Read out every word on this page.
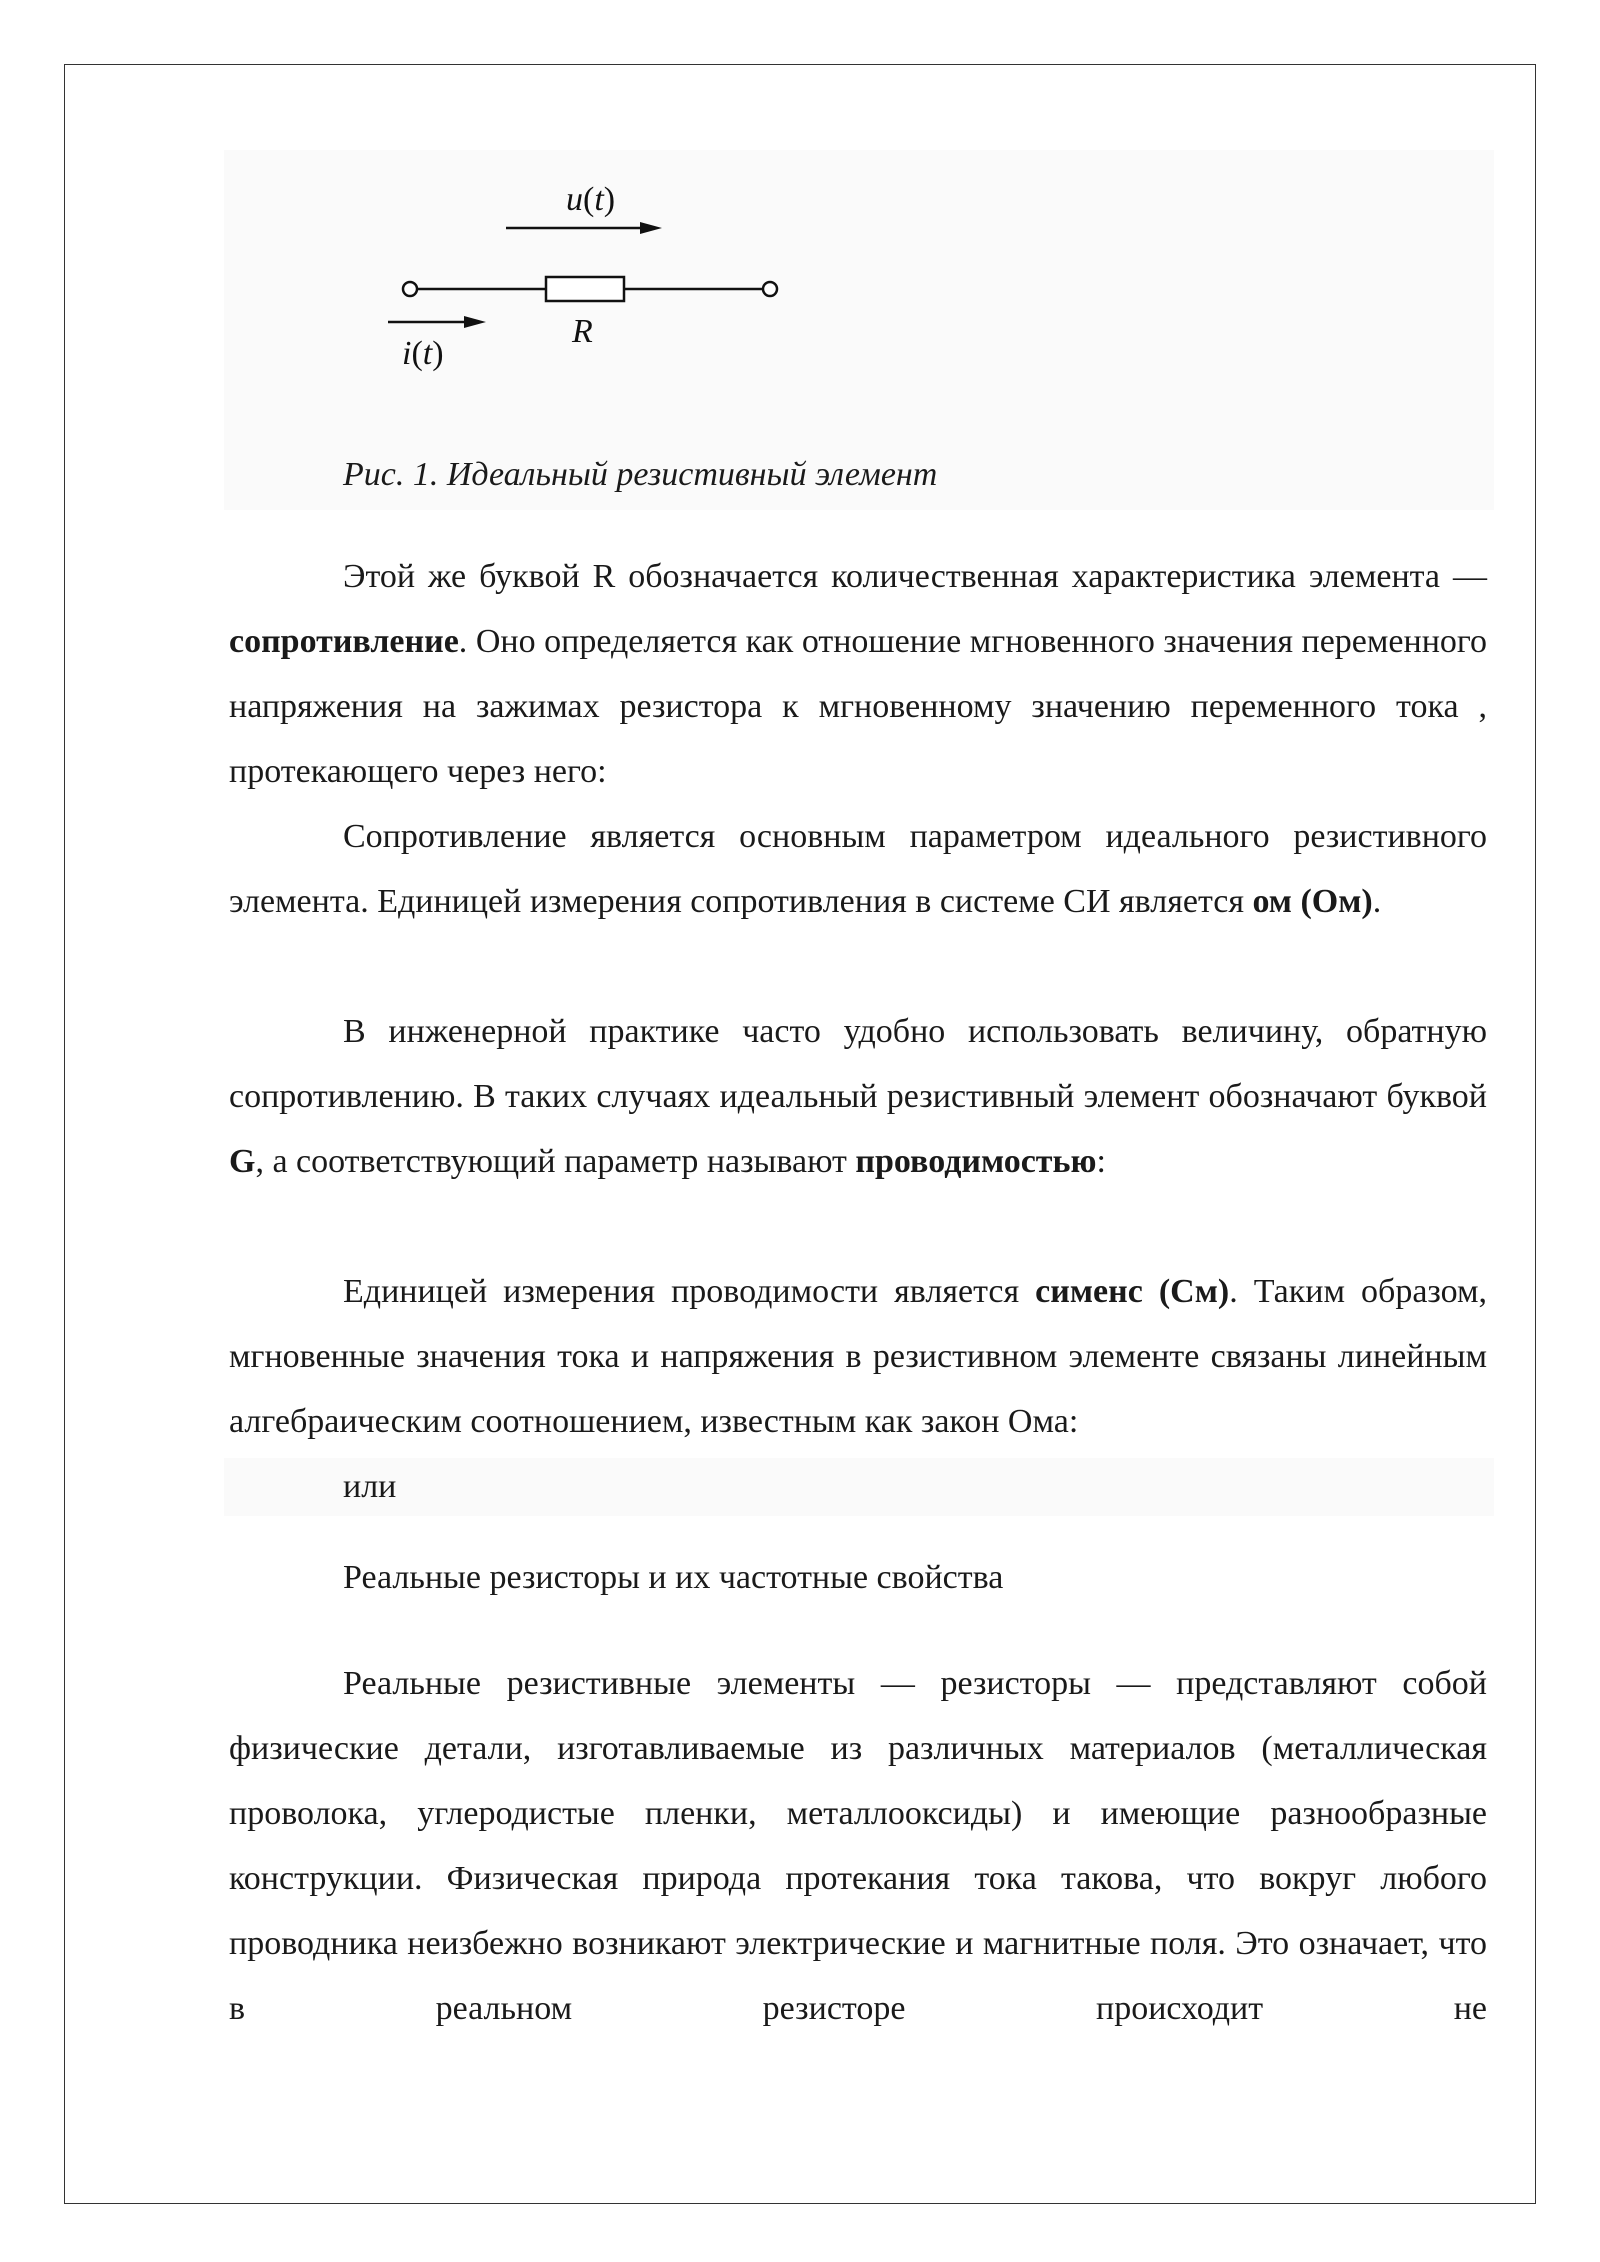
u(t)
i(t)
R
Рис. 1. Идеальный резистивный элемент

Этой же буквой R обозначается количественная характеристика элемента — сопротивление. Оно определяется как отношение мгновенного значения переменного напряжения на зажимах резистора к мгновенному значению переменного тока , протекающего через него:

Сопротивление является основным параметром идеального резистивного элемента. Единицей измерения сопротивления в системе СИ является ом (Ом).

В инженерной практике часто удобно использовать величину, обратную сопротивлению. В таких случаях идеальный резистивный элемент обозначают буквой G, а соответствующий параметр называют проводимостью:

Единицей измерения проводимости является сименс (См). Таким образом, мгновенные значения тока и напряжения в резистивном элементе связаны линейным алгебраическим соотношением, известным как закон Ома:

или
Реальные резисторы и их частотные свойства

Реальные резистивные элементы — резисторы — представляют собой физические детали, изготавливаемые из различных материалов (металлическая проволока, углеродистые пленки, металлооксиды) и имеющие разнообразные конструкции. Физическая природа протекания тока такова, что вокруг любого проводника неизбежно возникают электрические и магнитные поля. Это означает, что в реальном резисторе происходит не
